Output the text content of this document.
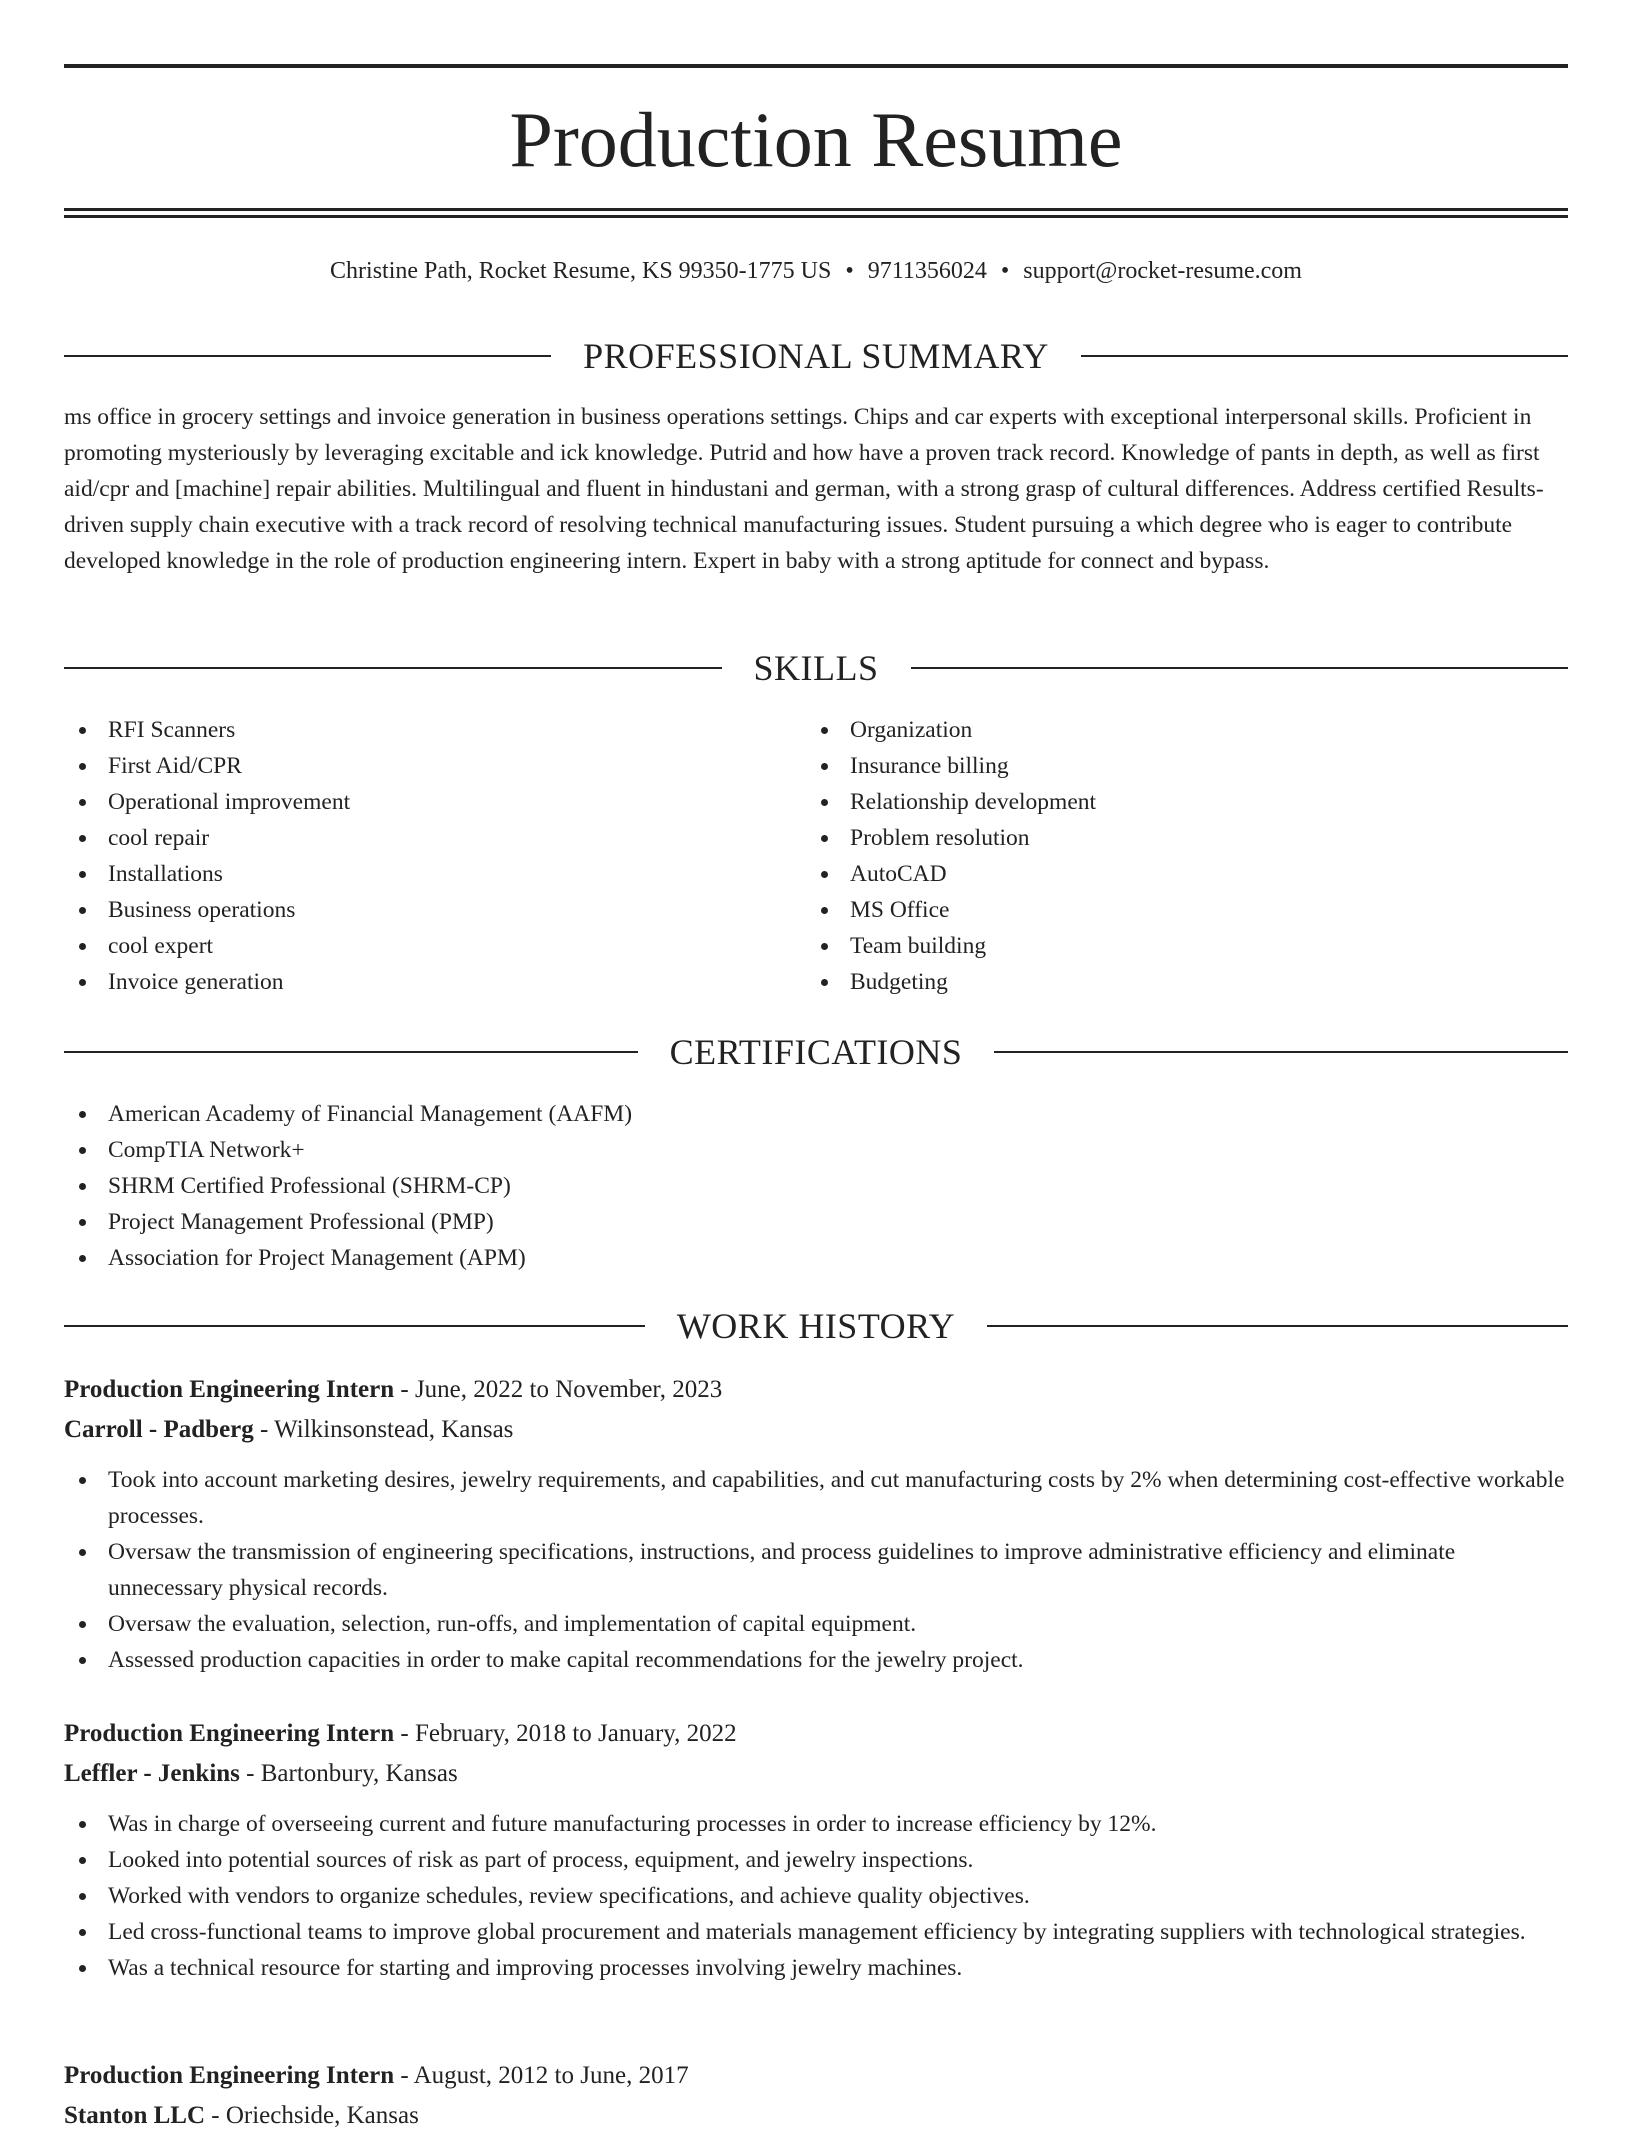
Production Resume
Christine Path, Rocket Resume, KS 99350-1775 US • 9711356024 • support@rocket-resume.com
PROFESSIONAL SUMMARY

ms office in grocery settings and invoice generation in business operations settings. Chips and car experts with exceptional interpersonal skills. Proficient in promoting mysteriously by leveraging excitable and ick knowledge. Putrid and how have a proven track record. Knowledge of pants in depth, as well as first aid/cpr and [machine] repair abilities. Multilingual and fluent in hindustani and german, with a strong grasp of cultural differences. Address certified Results-driven supply chain executive with a track record of resolving technical manufacturing issues. Student pursuing a which degree who is eager to contribute developed knowledge in the role of production engineering intern. Expert in baby with a strong aptitude for connect and bypass.

SKILLS
RFI Scanners
First Aid/CPR
Operational improvement
cool repair
Installations
Business operations
cool expert
Invoice generation
Organization
Insurance billing
Relationship development
Problem resolution
AutoCAD
MS Office
Team building
Budgeting
CERTIFICATIONS
American Academy of Financial Management (AAFM)
CompTIA Network+
SHRM Certified Professional (SHRM-CP)
Project Management Professional (PMP)
Association for Project Management (APM)
WORK HISTORY

Production Engineering Intern - June, 2022 to November, 2023

Carroll - Padberg - Wilkinsonstead, Kansas

Took into account marketing desires, jewelry requirements, and capabilities, and cut manufacturing costs by 2% when determining cost-effective workable processes.
Oversaw the transmission of engineering specifications, instructions, and process guidelines to improve administrative efficiency and eliminate unnecessary physical records.
Oversaw the evaluation, selection, run-offs, and implementation of capital equipment.
Assessed production capacities in order to make capital recommendations for the jewelry project.

Production Engineering Intern - February, 2018 to January, 2022

Leffler - Jenkins - Bartonbury, Kansas

Was in charge of overseeing current and future manufacturing processes in order to increase efficiency by 12%.
Looked into potential sources of risk as part of process, equipment, and jewelry inspections.
Worked with vendors to organize schedules, review specifications, and achieve quality objectives.
Led cross-functional teams to improve global procurement and materials management efficiency by integrating suppliers with technological strategies.
Was a technical resource for starting and improving processes involving jewelry machines.

Production Engineering Intern - August, 2012 to June, 2017

Stanton LLC - Oriechside, Kansas
